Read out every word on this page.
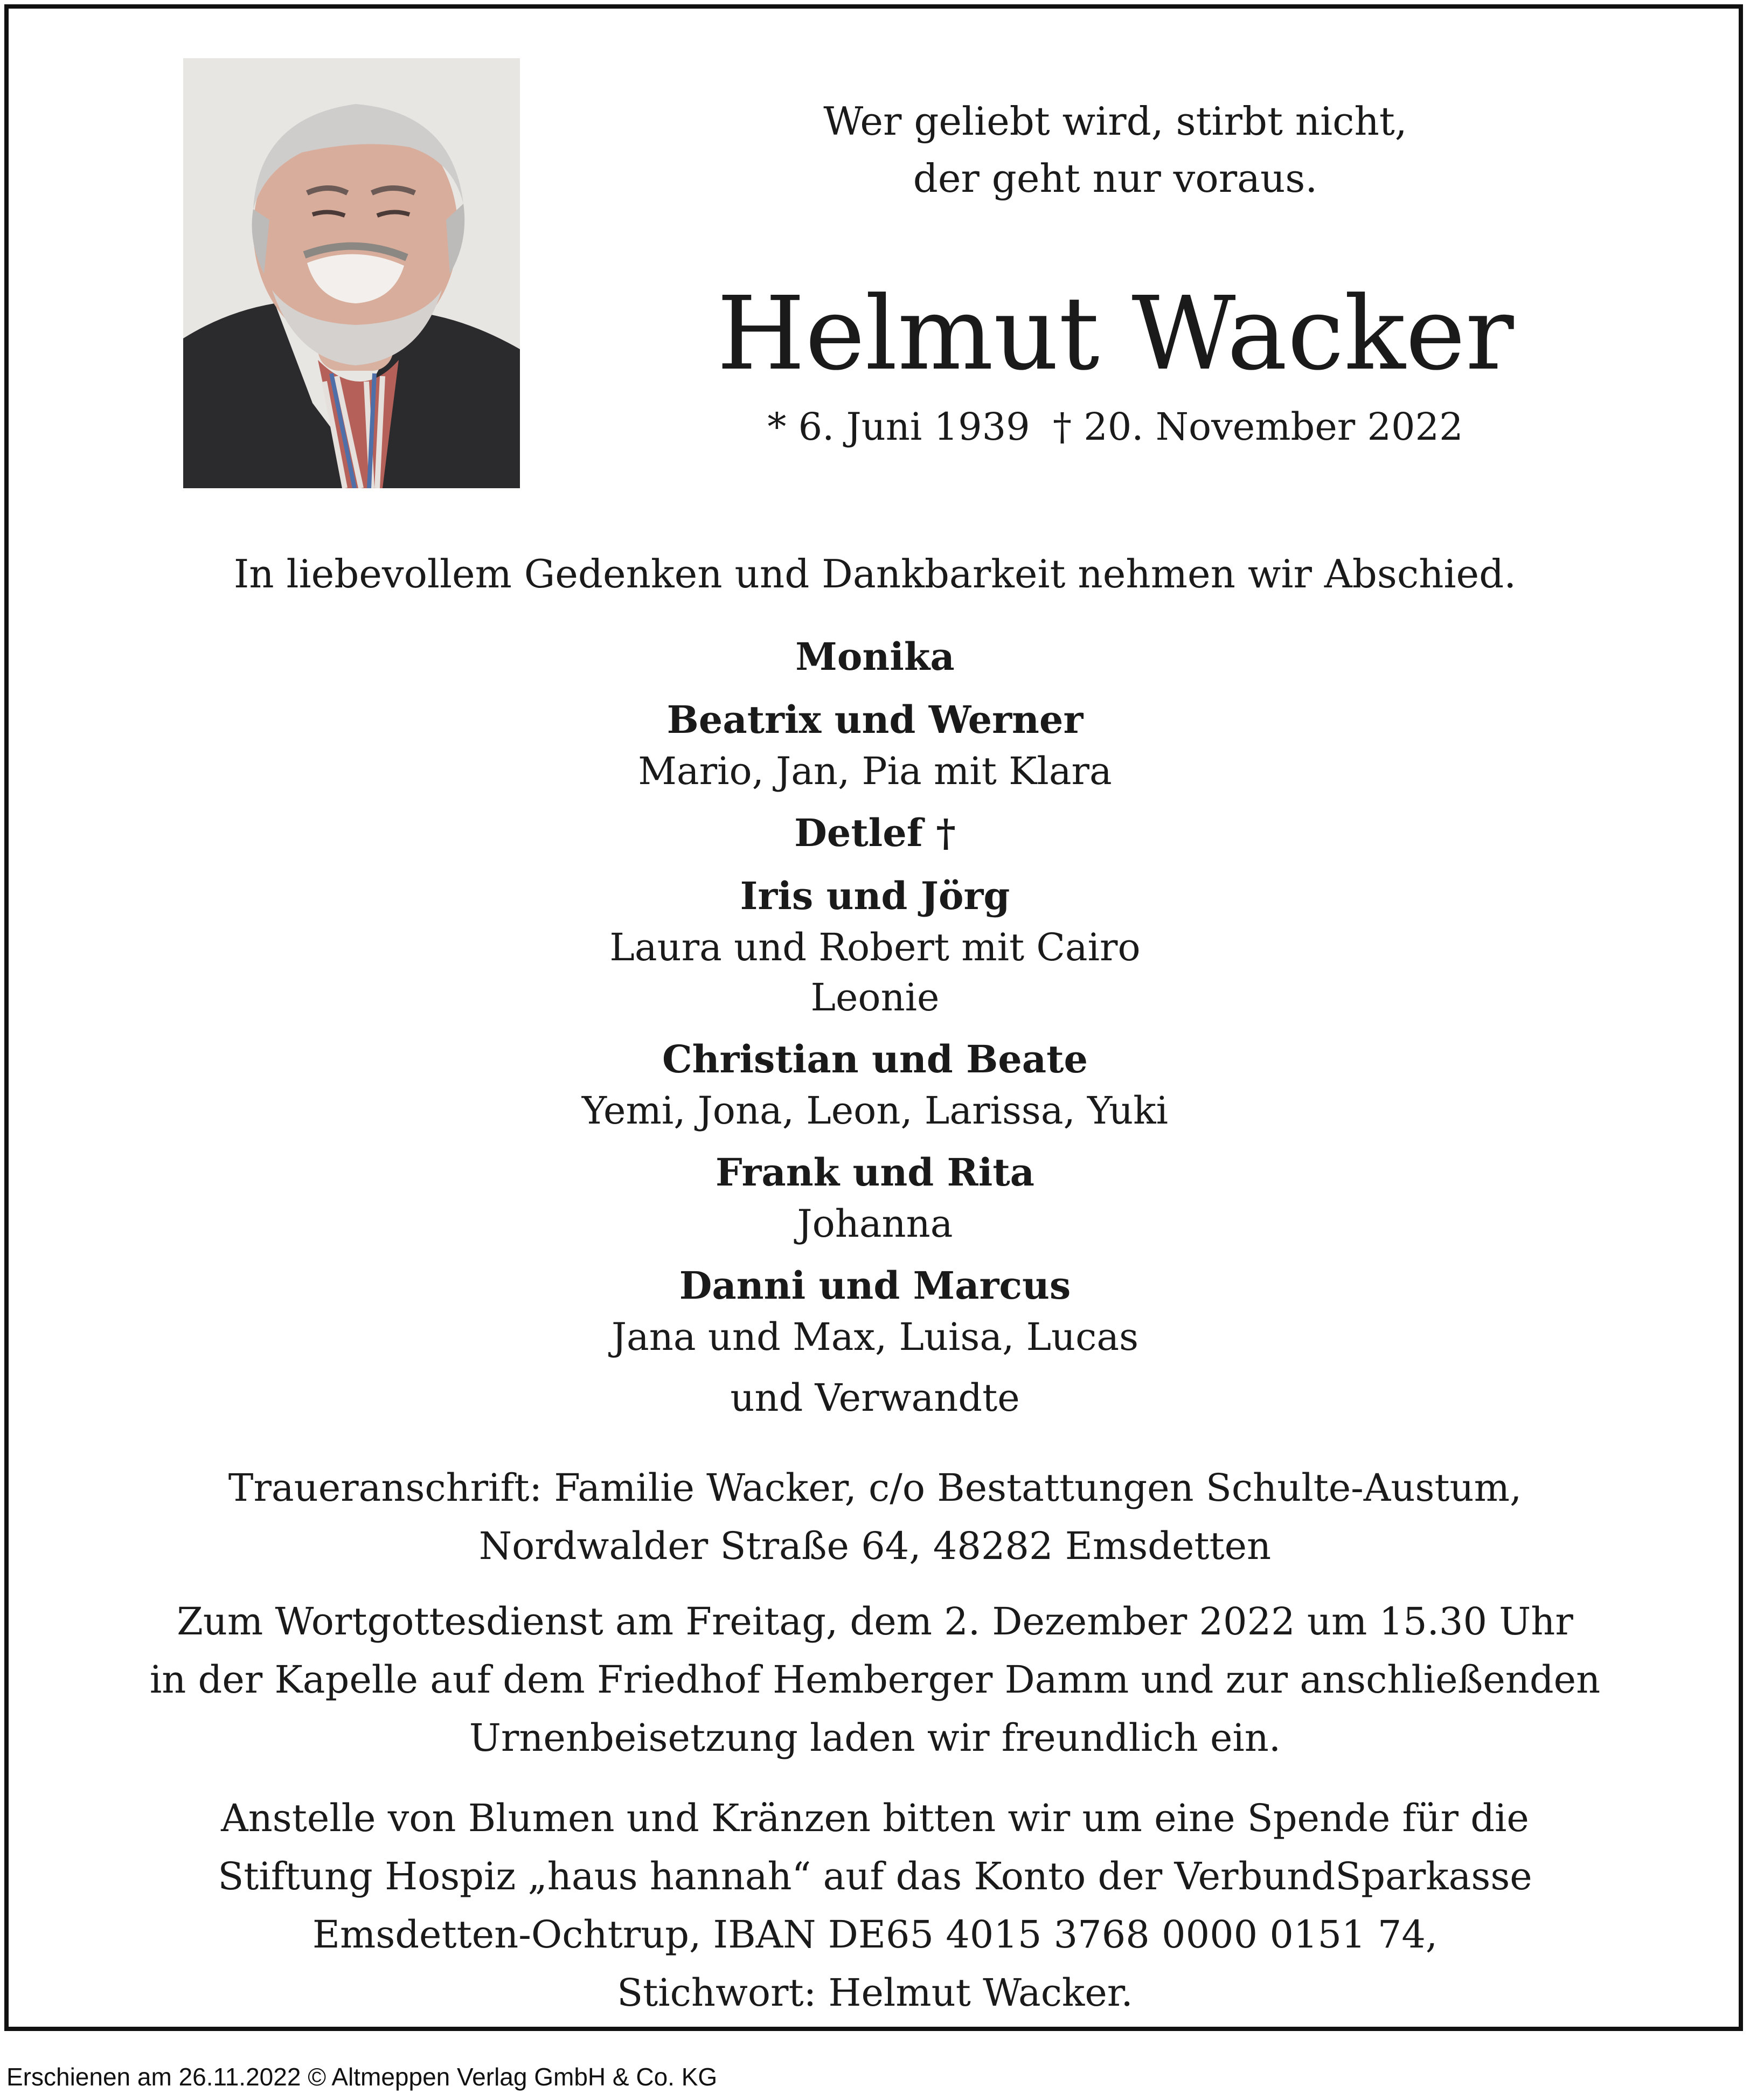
Wer geliebt wird, stirbt nicht,
der geht nur voraus.
Helmut Wacker
* 6. Juni 1939 † 20. November 2022
In liebevollem Gedenken und Dankbarkeit nehmen wir Abschied.
Monika
Beatrix und Werner
Mario, Jan, Pia mit Klara
Detlef †
Iris und Jörg
Laura und Robert mit Cairo
Leonie
Christian und Beate
Yemi, Jona, Leon, Larissa, Yuki
Frank und Rita
Johanna
Danni und Marcus
Jana und Max, Luisa, Lucas
und Verwandte
Traueranschrift: Familie Wacker, c/o Bestattungen Schulte-Austum,
Nordwalder Straße 64, 48282 Emsdetten
Zum Wortgottesdienst am Freitag, dem 2. Dezember 2022 um 15.30 Uhr
in der Kapelle auf dem Friedhof Hemberger Damm und zur anschließenden
Urnenbeisetzung laden wir freundlich ein.
Anstelle von Blumen und Kränzen bitten wir um eine Spende für die
Stiftung Hospiz „haus hannah“ auf das Konto der VerbundSparkasse
Emsdetten-Ochtrup, IBAN DE65 4015 3768 0000 0151 74,
Stichwort: Helmut Wacker.
Erschienen am 26.11.2022 © Altmeppen Verlag GmbH & Co. KG
